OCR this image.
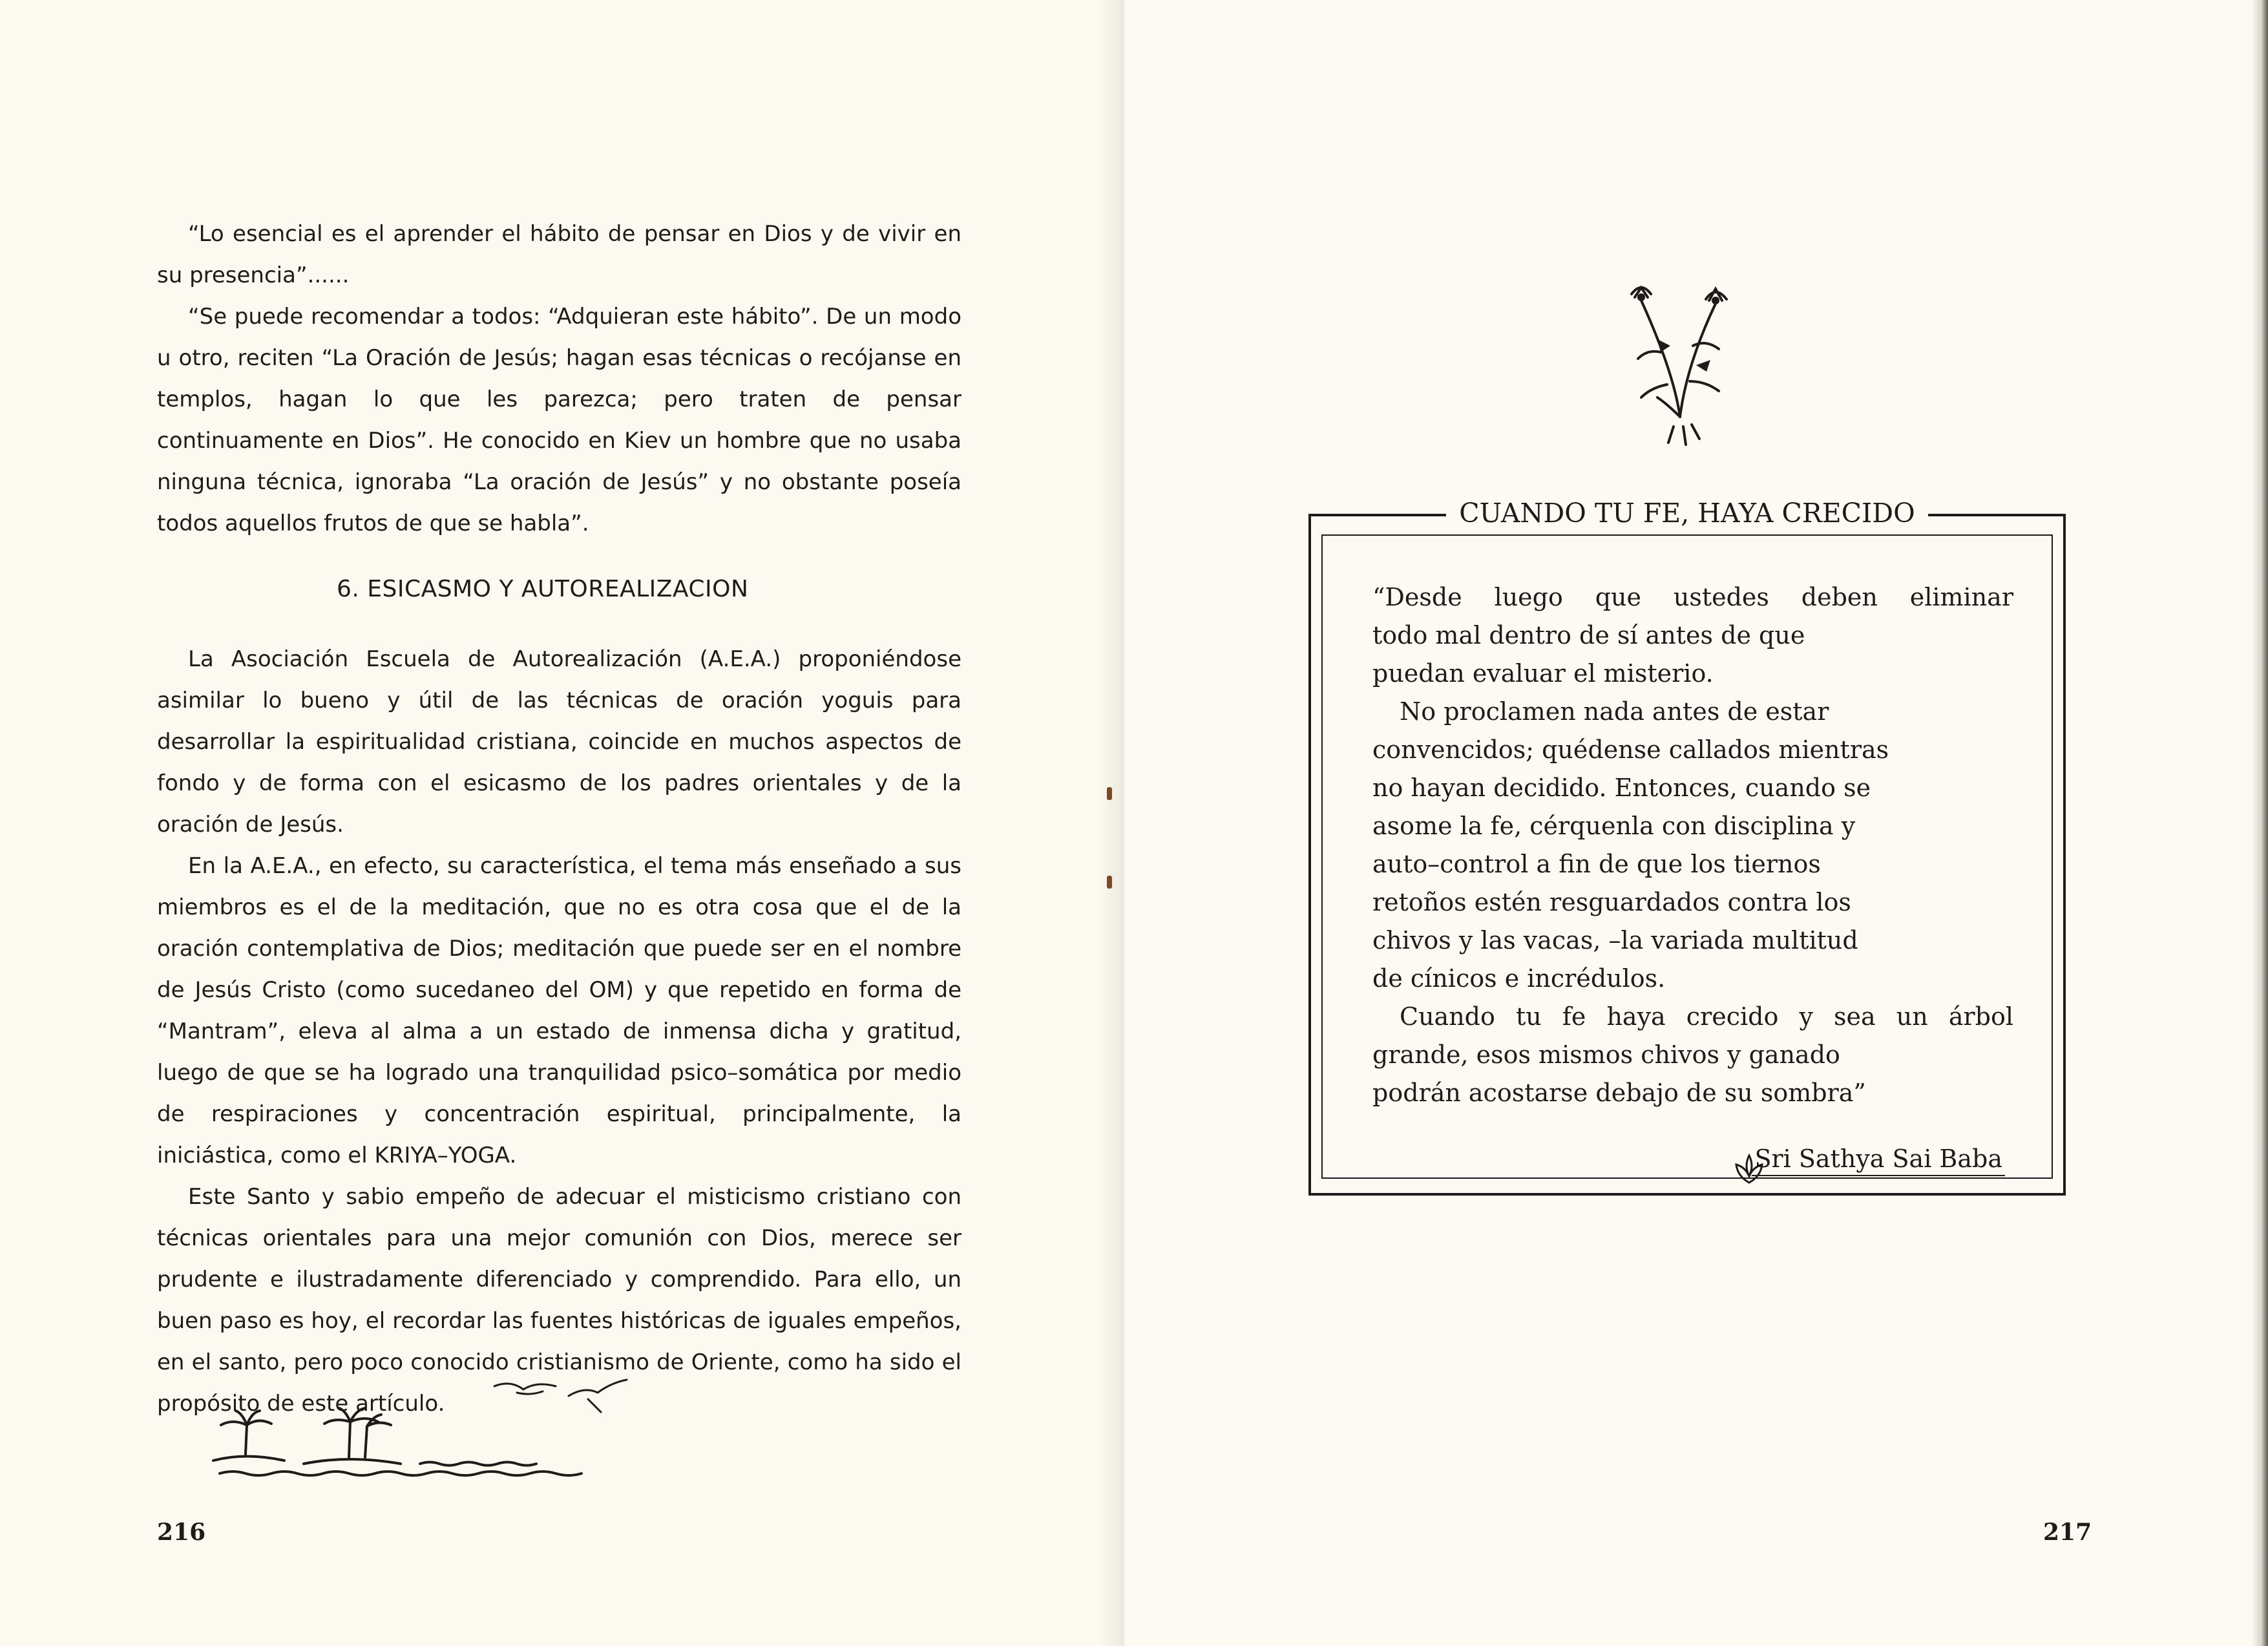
“Lo esencial es el aprender el hábito de pensar en Dios y de vivir en su presencia”......

“Se puede recomendar a todos: “Adquieran este hábito”. De un modo u otro, reciten “La Oración de Jesús; hagan esas técnicas o recójanse en templos, hagan lo que les parezca; pero traten de pensar continuamente en Dios”. He conocido en Kiev un hombre que no usaba ninguna técnica, ignoraba “La oración de Jesús” y no obstante poseía todos aquellos frutos de que se habla”.

6. ESICASMO Y AUTOREALIZACION

La Asociación Escuela de Autorealización (A.E.A.) proponiéndose asimilar lo bueno y útil de las técnicas de oración yoguis para desarrollar la espiritualidad cristiana, coincide en muchos aspectos de fondo y de forma con el esicasmo de los padres orientales y de la oración de Jesús.

En la A.E.A., en efecto, su característica, el tema más enseñado a sus miembros es el de la meditación, que no es otra cosa que el de la oración contemplativa de Dios; meditación que puede ser en el nombre de Jesús Cristo (como sucedaneo del OM) y que repetido en forma de “Mantram”, eleva al alma a un estado de inmensa dicha y gratitud, luego de que se ha logrado una tranquilidad psico–somática por medio de respiraciones y concentración espiritual, principalmente, la iniciástica, como el KRIYA–YOGA.

Este Santo y sabio empeño de adecuar el misticismo cristiano con técnicas orientales para una mejor comunión con Dios, merece ser prudente e ilustradamente diferenciado y comprendido. Para ello, un buen paso es hoy, el recordar las fuentes históricas de iguales empeños, en el santo, pero poco conocido cristianismo de Oriente, como ha sido el propósito de este artículo.

216
CUANDO TU FE, HAYA CRECIDO

“Desde luego que ustedes deben eliminar

todo mal dentro de sí antes de que

puedan evaluar el misterio.

No proclamen nada antes de estar

convencidos; quédense callados mientras

no hayan decidido. Entonces, cuando se

asome la fe, cérquenla con disciplina y

auto–control a fin de que los tiernos

retoños estén resguardados contra los

chivos y las vacas, –la variada multitud

de cínicos e incrédulos.

Cuando tu fe haya crecido y sea un árbol

grande, esos mismos chivos y ganado

podrán acostarse debajo de su sombra”

Sri Sathya Sai Baba
217
